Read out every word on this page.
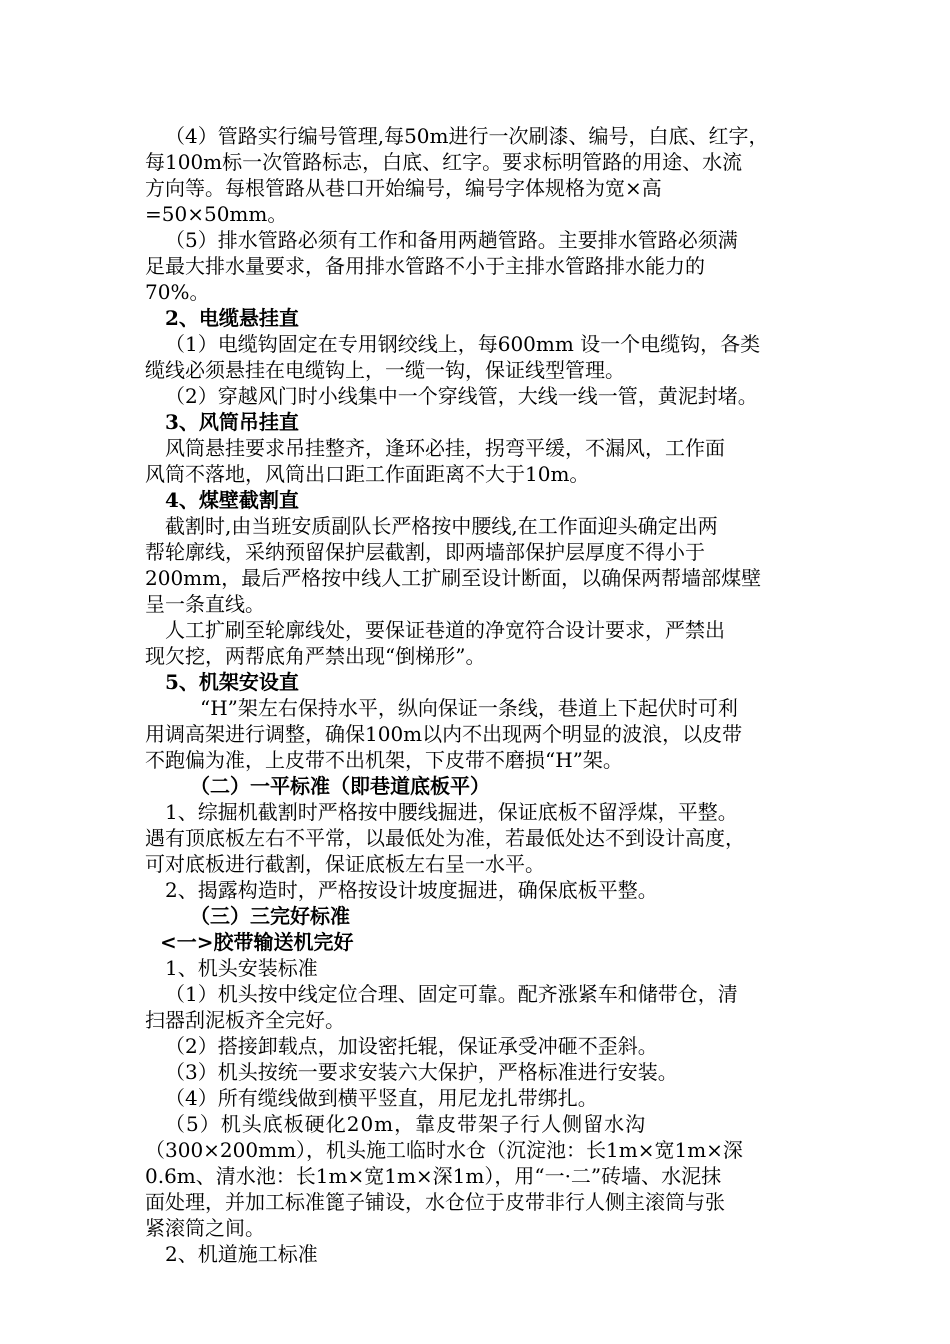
（4）管路实行编号管理,每50m进行一次刷漆、编号，白底、红字，
每100m标一次管路标志，白底、红字。要求标明管路的用途、水流
方向等。每根管路从巷口开始编号，编号字体规格为宽×高
=50×50mm。
（5）排水管路必须有工作和备用两趟管路。主要排水管路必须满
足最大排水量要求，备用排水管路不小于主排水管路排水能力的
70%。
2、电缆悬挂直
（1）电缆钩固定在专用钢绞线上，每600mm 设一个电缆钩，各类
缆线必须悬挂在电缆钩上，一缆一钩，保证线型管理。
（2）穿越风门时小线集中一个穿线管，大线一线一管，黄泥封堵。
3、风筒吊挂直
风筒悬挂要求吊挂整齐，逢环必挂，拐弯平缓，不漏风，工作面
风筒不落地，风筒出口距工作面距离不大于10m。
4、煤壁截割直
截割时,由当班安质副队长严格按中腰线,在工作面迎头确定出两
帮轮廓线，采纳预留保护层截割，即两墙部保护层厚度不得小于
200mm，最后严格按中线人工扩刷至设计断面，以确保两帮墙部煤壁
呈一条直线。
人工扩刷至轮廓线处，要保证巷道的净宽符合设计要求，严禁出
现欠挖，两帮底角严禁出现“倒梯形”。
5、机架安设直
“H”架左右保持水平，纵向保证一条线，巷道上下起伏时可利
用调高架进行调整，确保100m以内不出现两个明显的波浪，以皮带
不跑偏为准，上皮带不出机架，下皮带不磨损“H”架。
（二）一平标准（即巷道底板平）
1、综掘机截割时严格按中腰线掘进，保证底板不留浮煤，平整。
遇有顶底板左右不平常，以最低处为准，若最低处达不到设计高度，
可对底板进行截割，保证底板左右呈一水平。
2、揭露构造时，严格按设计坡度掘进，确保底板平整。
（三）三完好标准
<一>胶带输送机完好
1、机头安装标准
（1）机头按中线定位合理、固定可靠。配齐涨紧车和储带仓，清
扫器刮泥板齐全完好。
（2）搭接卸载点，加设密托辊，保证承受冲砸不歪斜。
（3）机头按统一要求安装六大保护，严格标准进行安装。
（4）所有缆线做到横平竖直，用尼龙扎带绑扎。
（5）机头底板硬化20m，靠皮带架子行人侧留水沟
（300×200mm），机头施工临时水仓（沉淀池：长1m×宽1m×深
0.6m、清水池：长1m×宽1m×深1m），用“一·二”砖墙、水泥抹
面处理，并加工标准篦子铺设，水仓位于皮带非行人侧主滚筒与张
紧滚筒之间。
2、机道施工标准
